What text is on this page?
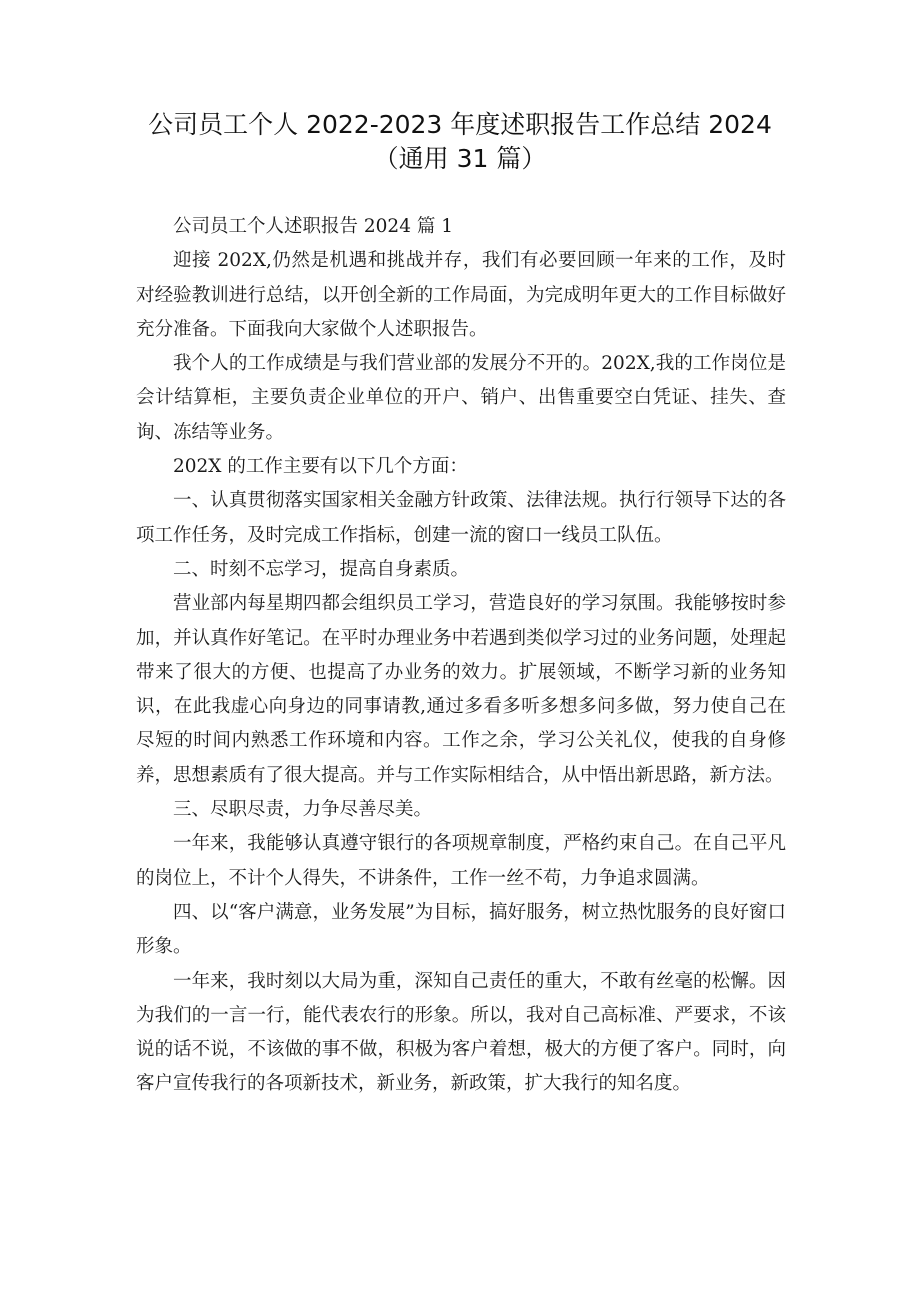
公司员工个人 2022-2023 年度述职报告工作总结 2024
（通用 31 篇）

公司员工个人述职报告 2024 篇 1

迎接 202X,仍然是机遇和挑战并存，我们有必要回顾一年来的工作，及时对经验教训进行总结，以开创全新的工作局面，为完成明年更大的工作目标做好充分准备。下面我向大家做个人述职报告。

我个人的工作成绩是与我们营业部的发展分不开的。202X,我的工作岗位是会计结算柜，主要负责企业单位的开户、销户、出售重要空白凭证、挂失、查询、冻结等业务。

202X 的工作主要有以下几个方面：

一、认真贯彻落实国家相关金融方针政策、法律法规。执行行领导下达的各项工作任务，及时完成工作指标，创建一流的窗口一线员工队伍。

二、时刻不忘学习，提高自身素质。

营业部内每星期四都会组织员工学习，营造良好的学习氛围。我能够按时参加，并认真作好笔记。在平时办理业务中若遇到类似学习过的业务问题，处理起带来了很大的方便、也提高了办业务的效力。扩展领域，不断学习新的业务知识，在此我虚心向身边的同事请教,通过多看多听多想多问多做，努力使自己在尽短的时间内熟悉工作环境和内容。工作之余，学习公关礼仪，使我的自身修养，思想素质有了很大提高。并与工作实际相结合，从中悟出新思路，新方法。

三、尽职尽责，力争尽善尽美。

一年来，我能够认真遵守银行的各项规章制度，严格约束自己。在自己平凡的岗位上，不计个人得失，不讲条件，工作一丝不苟，力争追求圆满。

四、以“客户满意，业务发展”为目标，搞好服务，树立热忱服务的良好窗口形象。

一年来，我时刻以大局为重，深知自己责任的重大，不敢有丝毫的松懈。因为我们的一言一行，能代表农行的形象。所以，我对自己高标准、严要求，不该说的话不说，不该做的事不做，积极为客户着想，极大的方便了客户。同时，向客户宣传我行的各项新技术，新业务，新政策，扩大我行的知名度。
